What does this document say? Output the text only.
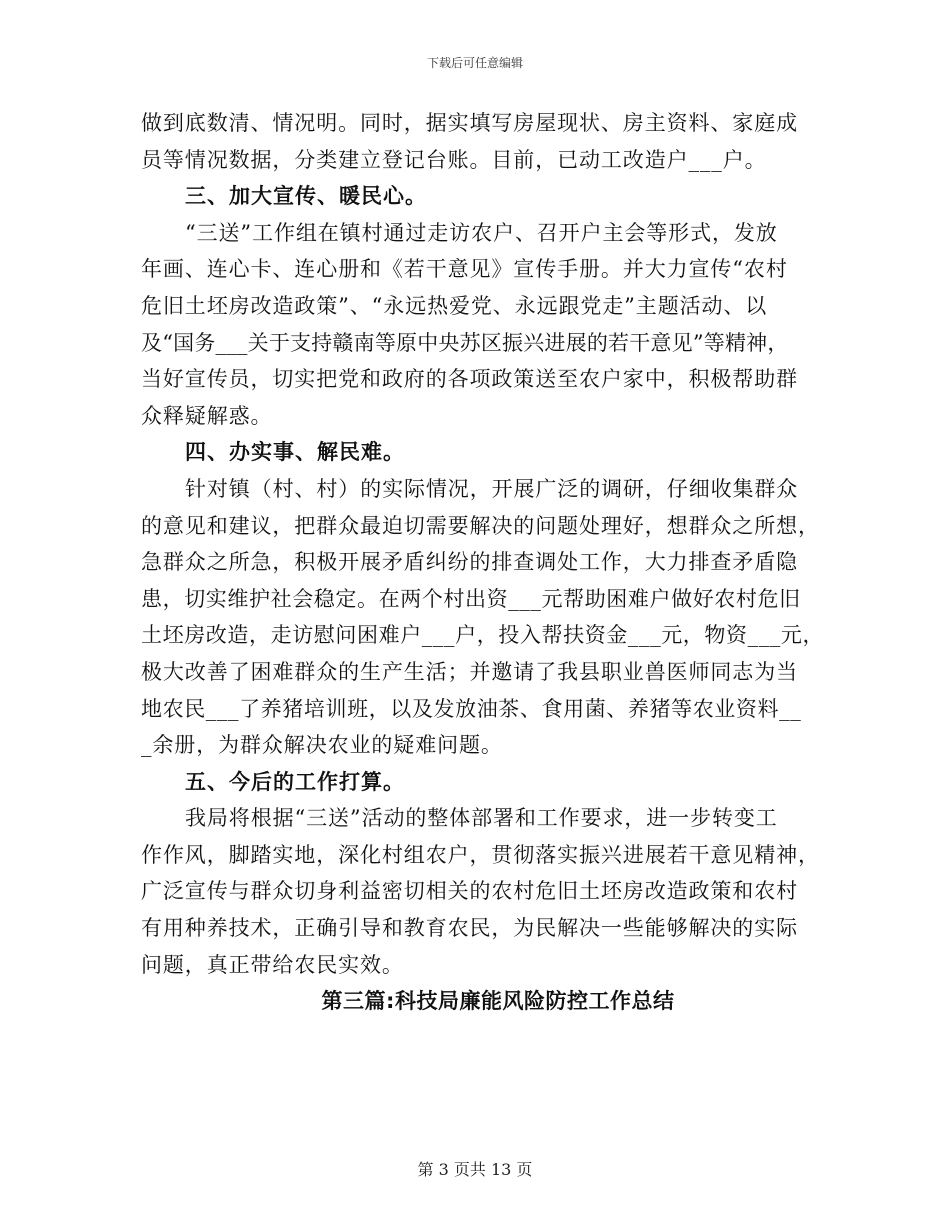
下载后可任意编辑
做到底数清、情况明。同时，据实填写房屋现状、房主资料、家庭成
员等情况数据，分类建立登记台账。目前，已动工改造户___户。
三、加大宣传、暖民心。
“三送”工作组在镇村通过走访农户、召开户主会等形式，发放
年画、连心卡、连心册和《若干意见》宣传手册。并大力宣传“农村
危旧土坯房改造政策”、“永远热爱党、永远跟党走”主题活动、以
及“国务___关于支持赣南等原中央苏区振兴进展的若干意见”等精神，
当好宣传员，切实把党和政府的各项政策送至农户家中，积极帮助群
众释疑解惑。
四、办实事、解民难。
针对镇（村、村）的实际情况，开展广泛的调研，仔细收集群众
的意见和建议，把群众最迫切需要解决的问题处理好，想群众之所想，
急群众之所急，积极开展矛盾纠纷的排查调处工作，大力排查矛盾隐
患，切实维护社会稳定。在两个村出资___元帮助困难户做好农村危旧
土坯房改造，走访慰问困难户___户，投入帮扶资金___元，物资___元，
极大改善了困难群众的生产生活；并邀请了我县职业兽医师同志为当
地农民___了养猪培训班，以及发放油茶、食用菌、养猪等农业资料__
_余册，为群众解决农业的疑难问题。
五、今后的工作打算。
我局将根据“三送”活动的整体部署和工作要求，进一步转变工
作作风，脚踏实地，深化村组农户，贯彻落实振兴进展若干意见精神，
广泛宣传与群众切身利益密切相关的农村危旧土坯房改造政策和农村
有用种养技术，正确引导和教育农民，为民解决一些能够解决的实际
问题，真正带给农民实效。
第三篇:科技局廉能风险防控工作总结
第 3 页共 13 页
